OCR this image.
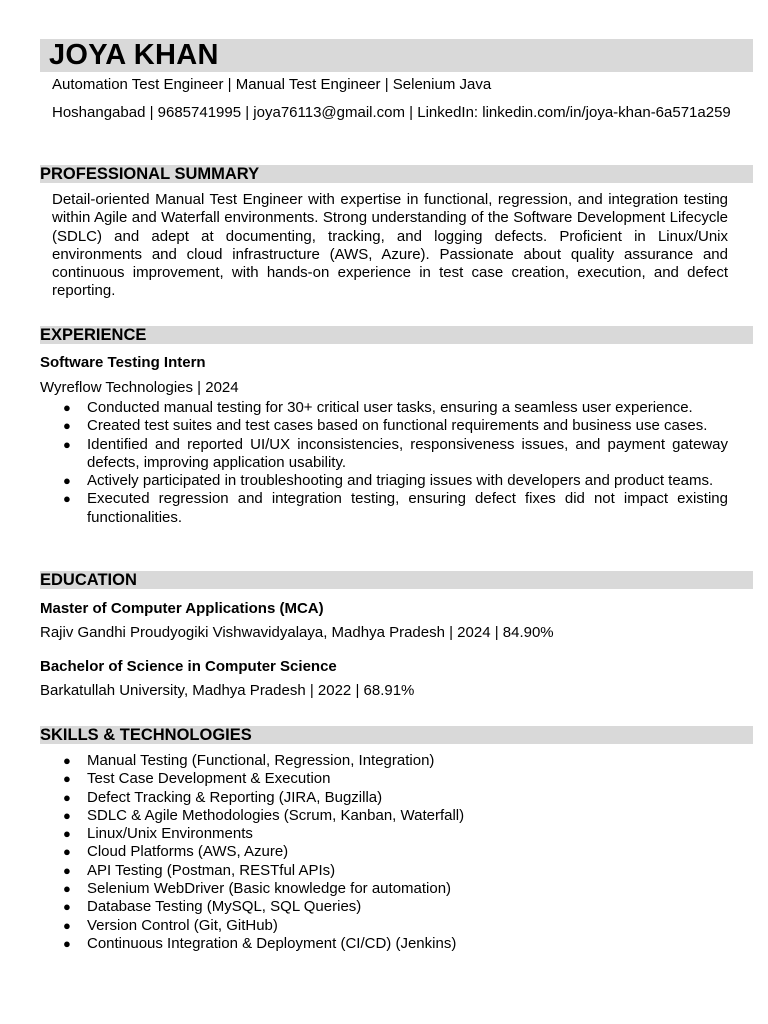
JOYA KHAN
Automation Test Engineer | Manual Test Engineer | Selenium Java
Hoshangabad | 9685741995 | joya76113@gmail.com | LinkedIn: linkedin.com/in/joya-khan-6a571a259
PROFESSIONAL SUMMARY
Detail-oriented Manual Test Engineer with expertise in functional, regression, and integration testing within Agile and Waterfall environments. Strong understanding of the Software Development Lifecycle (SDLC) and adept at documenting, tracking, and logging defects. Proficient in Linux/Unix environments and cloud infrastructure (AWS, Azure). Passionate about quality assurance and continuous improvement, with hands-on experience in test case creation, execution, and defect reporting.
EXPERIENCE
Software Testing Intern
Wyreflow Technologies | 2024
● Conducted manual testing for 30+ critical user tasks, ensuring a seamless user experience.
● Created test suites and test cases based on functional requirements and business use cases.
● Identified and reported UI/UX inconsistencies, responsiveness issues, and payment gateway defects, improving application usability.
● Actively participated in troubleshooting and triaging issues with developers and product teams.
● Executed regression and integration testing, ensuring defect fixes did not impact existing functionalities.
EDUCATION
Master of Computer Applications (MCA)
Rajiv Gandhi Proudyogiki Vishwavidyalaya, Madhya Pradesh | 2024 | 84.90%
Bachelor of Science in Computer Science
Barkatullah University, Madhya Pradesh | 2022 | 68.91%
SKILLS & TECHNOLOGIES
● Manual Testing (Functional, Regression, Integration)
● Test Case Development & Execution
● Defect Tracking & Reporting (JIRA, Bugzilla)
● SDLC & Agile Methodologies (Scrum, Kanban, Waterfall)
● Linux/Unix Environments
● Cloud Platforms (AWS, Azure)
● API Testing (Postman, RESTful APIs)
● Selenium WebDriver (Basic knowledge for automation)
● Database Testing (MySQL, SQL Queries)
● Version Control (Git, GitHub)
● Continuous Integration & Deployment (CI/CD) (Jenkins)
